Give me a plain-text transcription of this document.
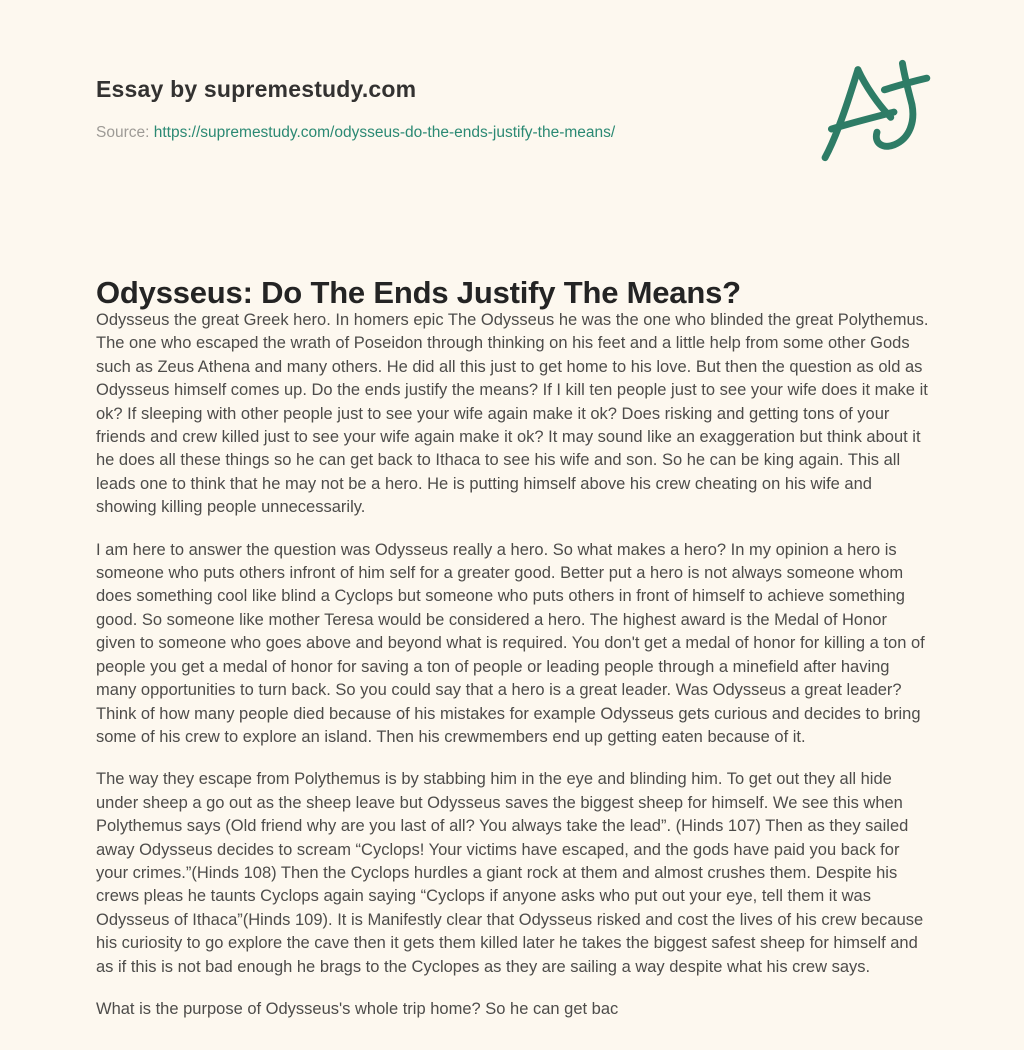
Essay by supremestudy.com
Source: https://supremestudy.com/odysseus-do-the-ends-justify-the-means/
Odysseus: Do The Ends Justify The Means?

Odysseus the great Greek hero. In homers epic The Odysseus he was the one who blinded the great Polythemus. The one who escaped the wrath of Poseidon through thinking on his feet and a little help from some other Gods such as Zeus Athena and many others. He did all this just to get home to his love. But then the question as old as Odysseus himself comes up. Do the ends justify the means? If I kill ten people just to see your wife does it make it ok? If sleeping with other people just to see your wife again make it ok? Does risking and getting tons of your friends and crew killed just to see your wife again make it ok? It may sound like an exaggeration but think about it he does all these things so he can get back to Ithaca to see his wife and son. So he can be king again. This all leads one to think that he may not be a hero. He is putting himself above his crew cheating on his wife and showing killing people unnecessarily.

I am here to answer the question was Odysseus really a hero. So what makes a hero? In my opinion a hero is someone who puts others infront of him self for a greater good. Better put a hero is not always someone whom does something cool like blind a Cyclops but someone who puts others in front of himself to achieve something good. So someone like mother Teresa would be considered a hero. The highest award is the Medal of Honor given to someone who goes above and beyond what is required. You don't get a medal of honor for killing a ton of people you get a medal of honor for saving a ton of people or leading people through a minefield after having many opportunities to turn back. So you could say that a hero is a great leader. Was Odysseus a great leader? Think of how many people died because of his mistakes for example Odysseus gets curious and decides to bring some of his crew to explore an island. Then his crewmembers end up getting eaten because of it.

The way they escape from Polythemus is by stabbing him in the eye and blinding him. To get out they all hide under sheep a go out as the sheep leave but Odysseus saves the biggest sheep for himself. We see this when Polythemus says (Old friend why are you last of all? You always take the lead”. (Hinds 107) Then as they sailed away Odysseus decides to scream “Cyclops! Your victims have escaped, and the gods have paid you back for your crimes.”(Hinds 108) Then the Cyclops hurdles a giant rock at them and almost crushes them. Despite his crews pleas he taunts Cyclops again saying “Cyclops if anyone asks who put out your eye, tell them it was Odysseus of Ithaca”(Hinds 109). It is Manifestly clear that Odysseus risked and cost the lives of his crew because his curiosity to go explore the cave then it gets them killed later he takes the biggest safest sheep for himself and as if this is not bad enough he brags to the Cyclopes as they are sailing a way despite what his crew says.

What is the purpose of Odysseus's whole trip home? So he can get bac
